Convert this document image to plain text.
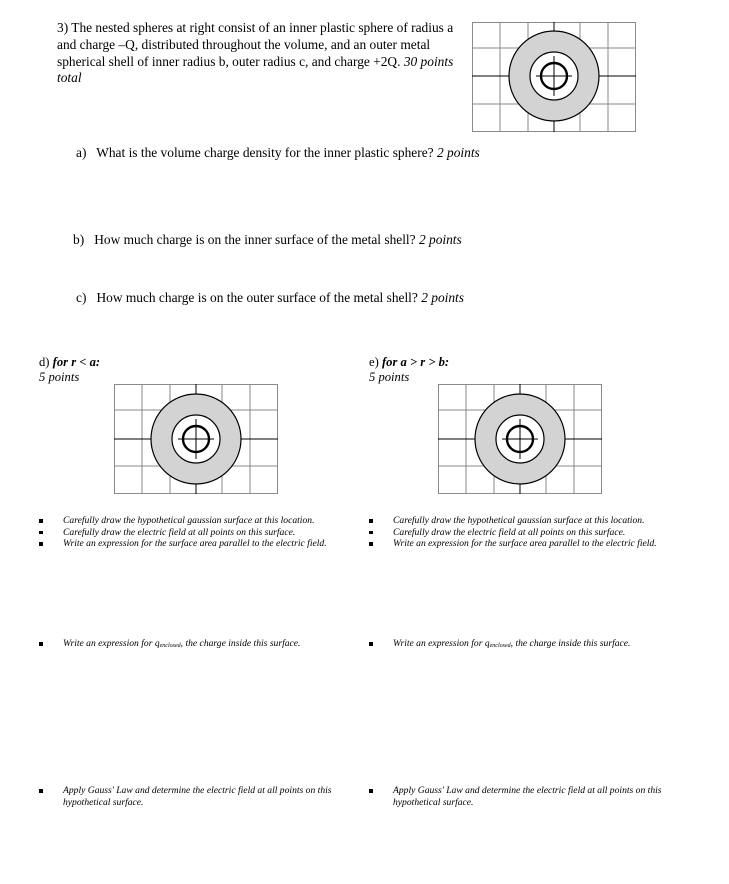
3) The nested spheres at right consist of an inner plastic sphere of radius a and charge –Q, distributed throughout the volume, and an outer metal spherical shell of inner radius b, outer radius c, and charge +2Q. 30 points total
a) What is the volume charge density for the inner plastic sphere? 2 points
b) How much charge is on the inner surface of the metal shell? 2 points
c) How much charge is on the outer surface of the metal shell? 2 points
d) for r < a:
5 points
e) for a > r > b:
5 points
Carefully draw the hypothetical gaussian surface at this location.
Carefully draw the electric field at all points on this surface.
Write an expression for the surface area parallel to the electric field.
Write an expression for $q_{enclosed}$, the charge inside this surface.
Apply Gauss' Law and determine the electric field at all points on this hypothetical surface.
Carefully draw the hypothetical gaussian surface at this location.
Carefully draw the electric field at all points on this surface.
Write an expression for the surface area parallel to the electric field.
Write an expression for $q_{enclosed}$, the charge inside this surface.
Apply Gauss' Law and determine the electric field at all points on this hypothetical surface.
